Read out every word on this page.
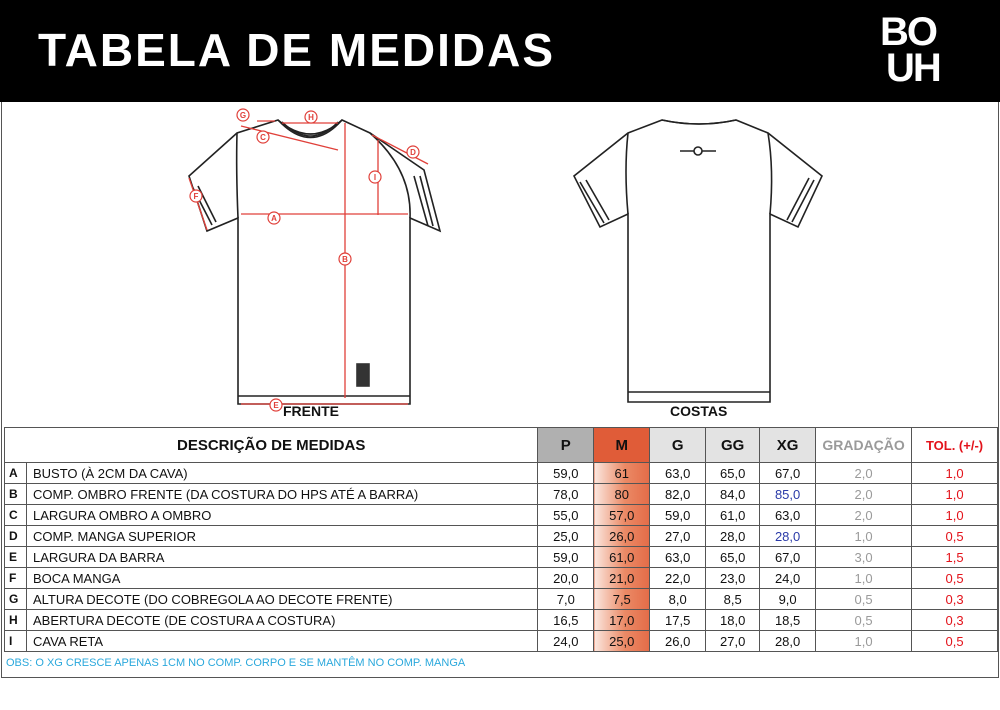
TABELA DE MEDIDAS	BO
UH
A
B
C
D
E
F
G	H
I
FRENTE	COSTAS
DESCRIÇÃO DE MEDIDAS		P	M	G	GG	XG	GRADAÇÃO	TOL. (+/-)
A	BUSTO (À 2CM DA CAVA)	59,0	61	63,0	65,0	67,0	2,0	1,0
B	COMP. OMBRO FRENTE (DA COSTURA DO HPS ATÉ A BARRA)	78,0	80	82,0	84,0	85,0	2,0	1,0
C	LARGURA OMBRO A OMBRO	55,0	57,0	59,0	61,0	63,0	2,0	1,0
D	COMP. MANGA SUPERIOR	25,0	26,0	27,0	28,0	28,0	1,0	0,5
E	LARGURA DA BARRA	59,0	61,0	63,0	65,0	67,0	3,0	1,5
F	BOCA MANGA	20,0	21,0	22,0	23,0	24,0	1,0	0,5
G	ALTURA DECOTE (DO COBREGOLA AO DECOTE FRENTE)	7,0	7,5	8,0	8,5	9,0	0,5	0,3
H	ABERTURA DECOTE (DE COSTURA A COSTURA)	16,5	17,0	17,5	18,0	18,5	0,5	0,3
I	CAVA RETA	24,0	25,0	26,0	27,0	28,0	1,0	0,5
OBS: O XG CRESCE APENAS 1CM NO COMP. CORPO E SE MANTÊM NO COMP. MANGA
